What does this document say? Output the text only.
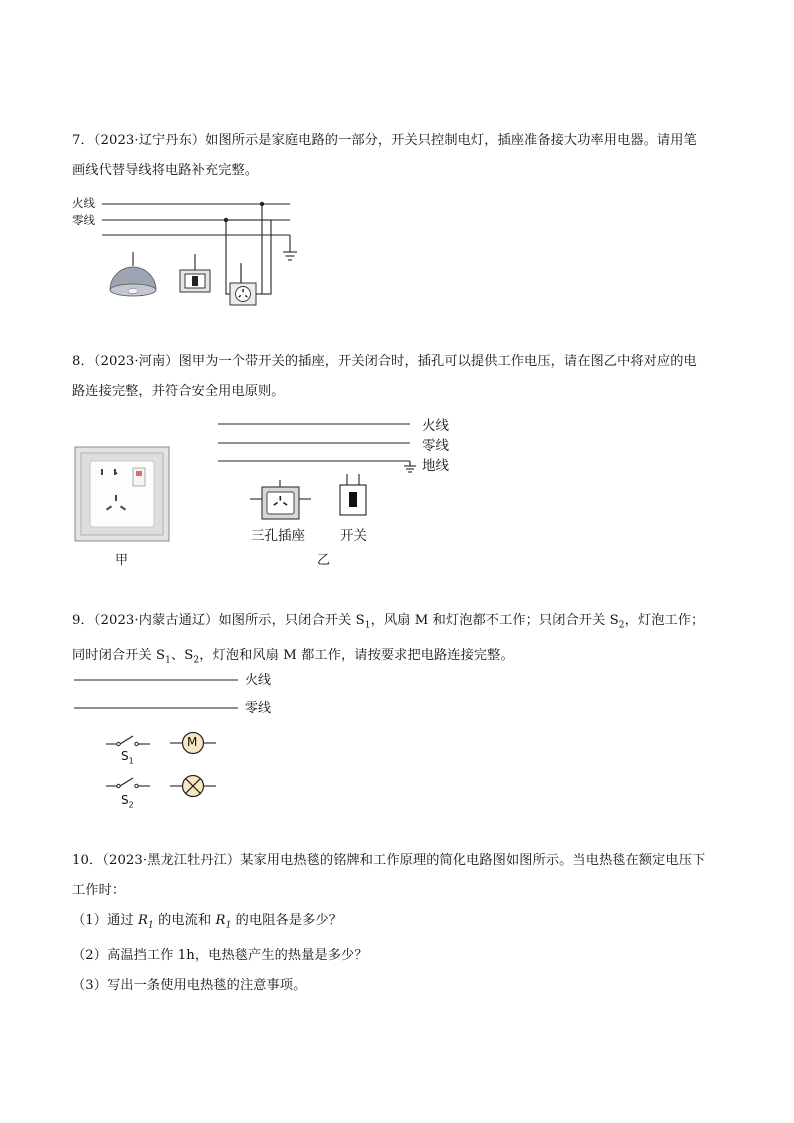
7．（2023·辽宁丹东）如图所示是家庭电路的一部分，开关只控制电灯，插座准备接大功率用电器。请用笔
画线代替导线将电路补充完整。
火线
零线
8．（2023·河南）图甲为一个带开关的插座，开关闭合时，插孔可以提供工作电压，请在图乙中将对应的电
路连接完整，并符合安全用电原则。
甲
火线
零线
地线
三孔插座	开关
乙
9．（2023·内蒙古通辽）如图所示，只闭合开关 $S_1$，风扇 M 和灯泡都不工作；只闭合开关 $S_2$，灯泡工作；
同时闭合开关 $S_1$、$S_2$，灯泡和风扇 M 都工作，请按要求把电路连接完整。
火线
零线
M
$S_1$
$S_2$
10．（2023·黑龙江牡丹江）某家用电热毯的铭牌和工作原理的简化电路图如图所示。当电热毯在额定电压下
工作时：
（1）通过 $R_1$ 的电流和 $R_1$ 的电阻各是多少？
（2）高温挡工作 1h，电热毯产生的热量是多少？
（3）写出一条使用电热毯的注意事项。
